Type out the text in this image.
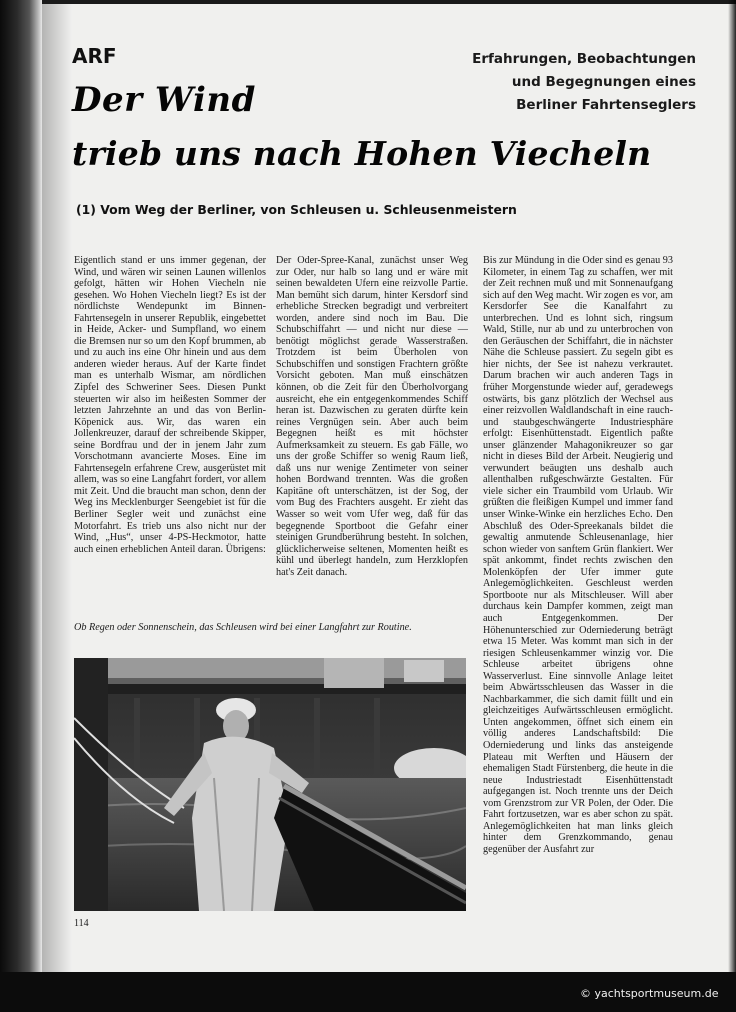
ARF	Erfahrungen, Beobachtungen
und Begegnungen eines
Berliner Fahrtenseglers
Der Wind
trieb uns nach Hohen Viecheln
(1) Vom Weg der Berliner, von Schleusen u. Schleusenmeistern
Eigentlich stand er uns immer gegenan, der Wind, und wären wir seinen Launen willenlos gefolgt, hätten wir Hohen Viecheln nie gesehen. Wo Hohen Viecheln liegt? Es ist der nördlichste Wendepunkt im Binnen-Fahrtensegeln in unserer Republik, eingebettet in Heide, Acker- und Sumpfland, wo einem die Bremsen nur so um den Kopf brummen, ab und zu auch ins eine Ohr hinein und aus dem anderen wieder heraus. Auf der Karte findet man es unterhalb Wismar, am nördlichen Zipfel des Schweriner Sees. Diesen Punkt steuerten wir also im heißesten Sommer der letzten Jahrzehnte an und das von Berlin-Köpenick aus. Wir, das waren ein Jollenkreuzer, darauf der schreibende Skipper, seine Bordfrau und der in jenem Jahr zum Vorschotmann avancierte Moses. Eine im Fahrtensegeln erfahrene Crew, ausgerüstet mit allem, was so eine Langfahrt fordert, vor allem mit Zeit. Und die braucht man schon, denn der Weg ins Mecklenburger Seengebiet ist für die Berliner Segler weit und zunächst eine Motorfahrt. Es trieb uns also nicht nur der Wind, „Hus“, unser 4-PS-Heckmotor, hatte auch einen erheblichen Anteil daran. Übrigens:
Der Oder-Spree-Kanal, zunächst unser Weg zur Oder, nur halb so lang und er wäre mit seinen bewaldeten Ufern eine reizvolle Partie. Man bemüht sich darum, hinter Kersdorf sind erhebliche Strecken begradigt und verbreitert worden, andere sind noch im Bau. Die Schubschiffahrt — und nicht nur diese — benötigt möglichst gerade Wasserstraßen. Trotzdem ist beim Überholen von Schubschiffen und sonstigen Frachtern größte Vorsicht geboten. Man muß einschätzen können, ob die Zeit für den Überholvorgang ausreicht, ehe ein entgegenkommendes Schiff heran ist. Dazwischen zu geraten dürfte kein reines Vergnügen sein. Aber auch beim Begegnen heißt es mit höchster Aufmerksamkeit zu steuern. Es gab Fälle, wo uns der große Schiffer so wenig Raum ließ, daß uns nur wenige Zentimeter von seiner hohen Bordwand trennten. Was die großen Kapitäne oft unterschätzen, ist der Sog, der vom Bug des Frachters ausgeht. Er zieht das Wasser so weit vom Ufer weg, daß für das begegnende Sportboot die Gefahr einer steinigen Grundberührung besteht. In solchen, glücklicherweise seltenen, Momenten heißt es kühl und überlegt handeln, zum Herzklopfen hat's Zeit danach.
Bis zur Mündung in die Oder sind es genau 93 Kilometer, in einem Tag zu schaffen, wer mit der Zeit rechnen muß und mit Sonnenaufgang sich auf den Weg macht. Wir zogen es vor, am Kersdorfer See die Kanalfahrt zu unterbrechen. Und es lohnt sich, ringsum Wald, Stille, nur ab und zu unterbrochen von den Geräuschen der Schiffahrt, die in nächster Nähe die Schleuse passiert. Zu segeln gibt es hier nichts, der See ist nahezu verkrautet. Darum brachen wir auch anderen Tags in früher Morgenstunde wieder auf, geradewegs ostwärts, bis ganz plötzlich der Wechsel aus einer reizvollen Waldlandschaft in eine rauch- und staubgeschwängerte Industriesphäre erfolgt: Eisenhüttenstadt. Eigentlich paßte unser glänzender Mahagonikreuzer so gar nicht in dieses Bild der Arbeit. Neugierig und verwundert beäugten uns deshalb auch allenthalben rußgeschwärzte Gestalten. Für viele sicher ein Traumbild vom Urlaub. Wir grüßten die fleißigen Kumpel und immer fand unser Winke-Winke ein herzliches Echo. Den Abschluß des Oder-Spreekanals bildet die gewaltig anmutende Schleusenanlage, hier schon wieder von sanftem Grün flankiert. Wer spät ankommt, findet rechts zwischen den Molenköpfen der Ufer immer gute Anlegemöglichkeiten. Geschleust werden Sportboote nur als Mitschleuser. Will aber durchaus kein Dampfer kommen, zeigt man auch Entgegenkommen. Der Höhenunterschied zur Oderniederung beträgt etwa 15 Meter. Was kommt man sich in der riesigen Schleusenkammer winzig vor. Die Schleuse arbeitet übrigens ohne Wasserverlust. Eine sinnvolle Anlage leitet beim Abwärtsschleusen das Wasser in die Nachbarkammer, die sich damit füllt und ein gleichzeitiges Aufwärtsschleusen ermöglicht. Unten angekommen, öffnet sich einem ein völlig anderes Landschaftsbild: Die Oderniederung und links das ansteigende Plateau mit Werften und Häusern der ehemaligen Stadt Fürstenberg, die heute in die neue Industriestadt Eisenhüttenstadt aufgegangen ist. Noch trennte uns der Deich vom Grenzstrom zur VR Polen, der Oder. Die Fahrt fortzusetzen, war es aber schon zu spät. Anlegemöglichkeiten hat man links gleich hinter dem Grenzkommando, genau gegenüber der Ausfahrt zur
Ob Regen oder Sonnenschein, das Schleusen wird bei einer Langfahrt zur Routine.
114
© yachtsportmuseum.de
